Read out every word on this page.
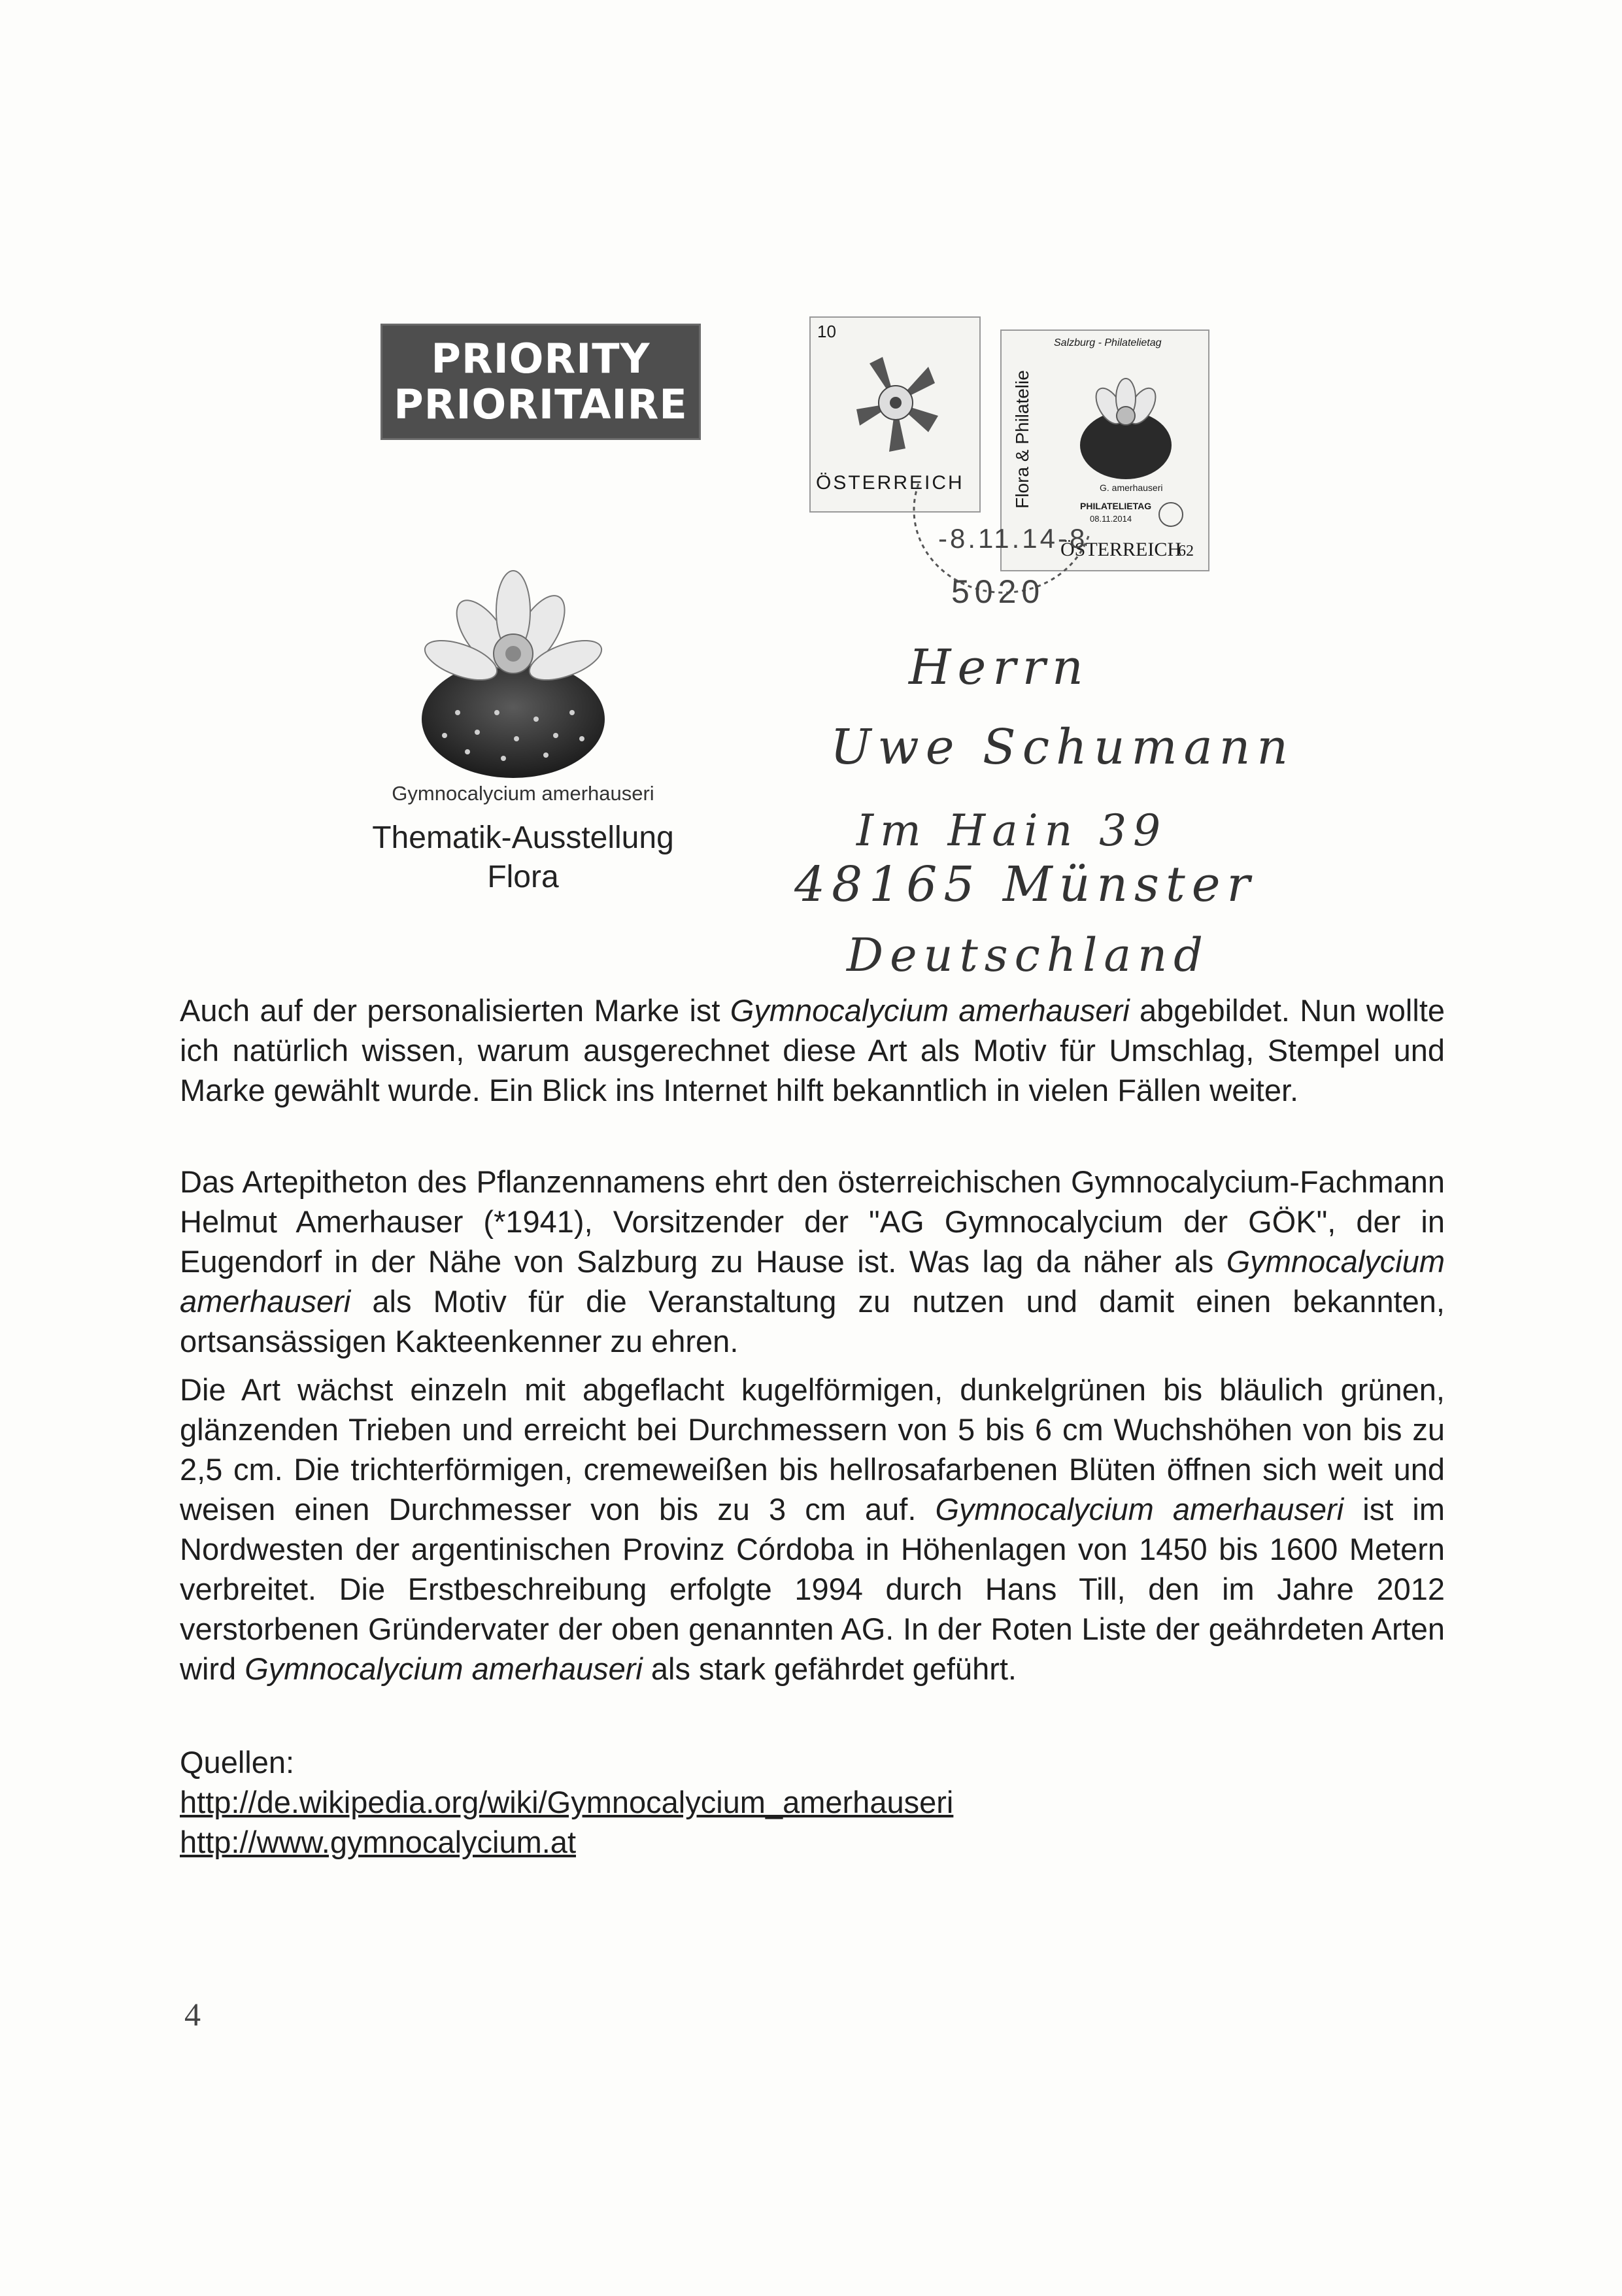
PRIORITY
PRIORITAIRE
Gymnocalycium amerhauseri
Thematik-Ausstellung
Flora
10
ÖSTERREICH
Salzburg - Philatelietag
Flora & Philatelie	G. amerhauseri
PHILATELIETAG
08.11.2014
ÖSTERREICH
62
-8.11.14-8
5020
Herrn
Uwe Schumann
Im Hain 39
48165 Münster
Deutschland
Auch auf der personalisierten Marke ist Gymnocalycium amerhauseri abgebildet. Nun wollte ich natürlich wissen, warum ausgerechnet diese Art als Motiv für Umschlag, Stempel und Marke gewählt wurde. Ein Blick ins Internet hilft bekanntlich in vielen Fällen weiter.
Das Artepitheton des Pflanzennamens ehrt den österreichischen Gymnocalycium-Fachmann Helmut Amerhauser (*1941), Vorsitzender der "AG Gymnocalycium der GÖK", der in Eugendorf in der Nähe von Salzburg zu Hause ist. Was lag da näher als Gymnocalycium amerhauseri als Motiv für die Veranstaltung zu nutzen und damit einen bekannten, ortsansässigen Kakteenkenner zu ehren.
Die Art wächst einzeln mit abgeflacht kugelförmigen, dunkelgrünen bis bläulich grünen, glänzenden Trieben und erreicht bei Durchmessern von 5 bis 6 cm Wuchshöhen von bis zu 2,5 cm. Die trichterförmigen, cremeweißen bis hellrosafarbenen Blüten öffnen sich weit und weisen einen Durchmesser von bis zu 3 cm auf. Gymnocalycium amerhauseri ist im Nordwesten der argentinischen Provinz Córdoba in Höhenlagen von 1450 bis 1600 Metern verbreitet. Die Erstbeschreibung erfolgte 1994 durch Hans Till, den im Jahre 2012 verstorbenen Gründervater der oben genannten AG. In der Roten Liste der geährdeten Arten wird Gymnocalycium amerhauseri als stark gefährdet geführt.
Quellen:
http://de.wikipedia.org/wiki/Gymnocalycium_amerhauseri
http://www.gymnocalycium.at
4
